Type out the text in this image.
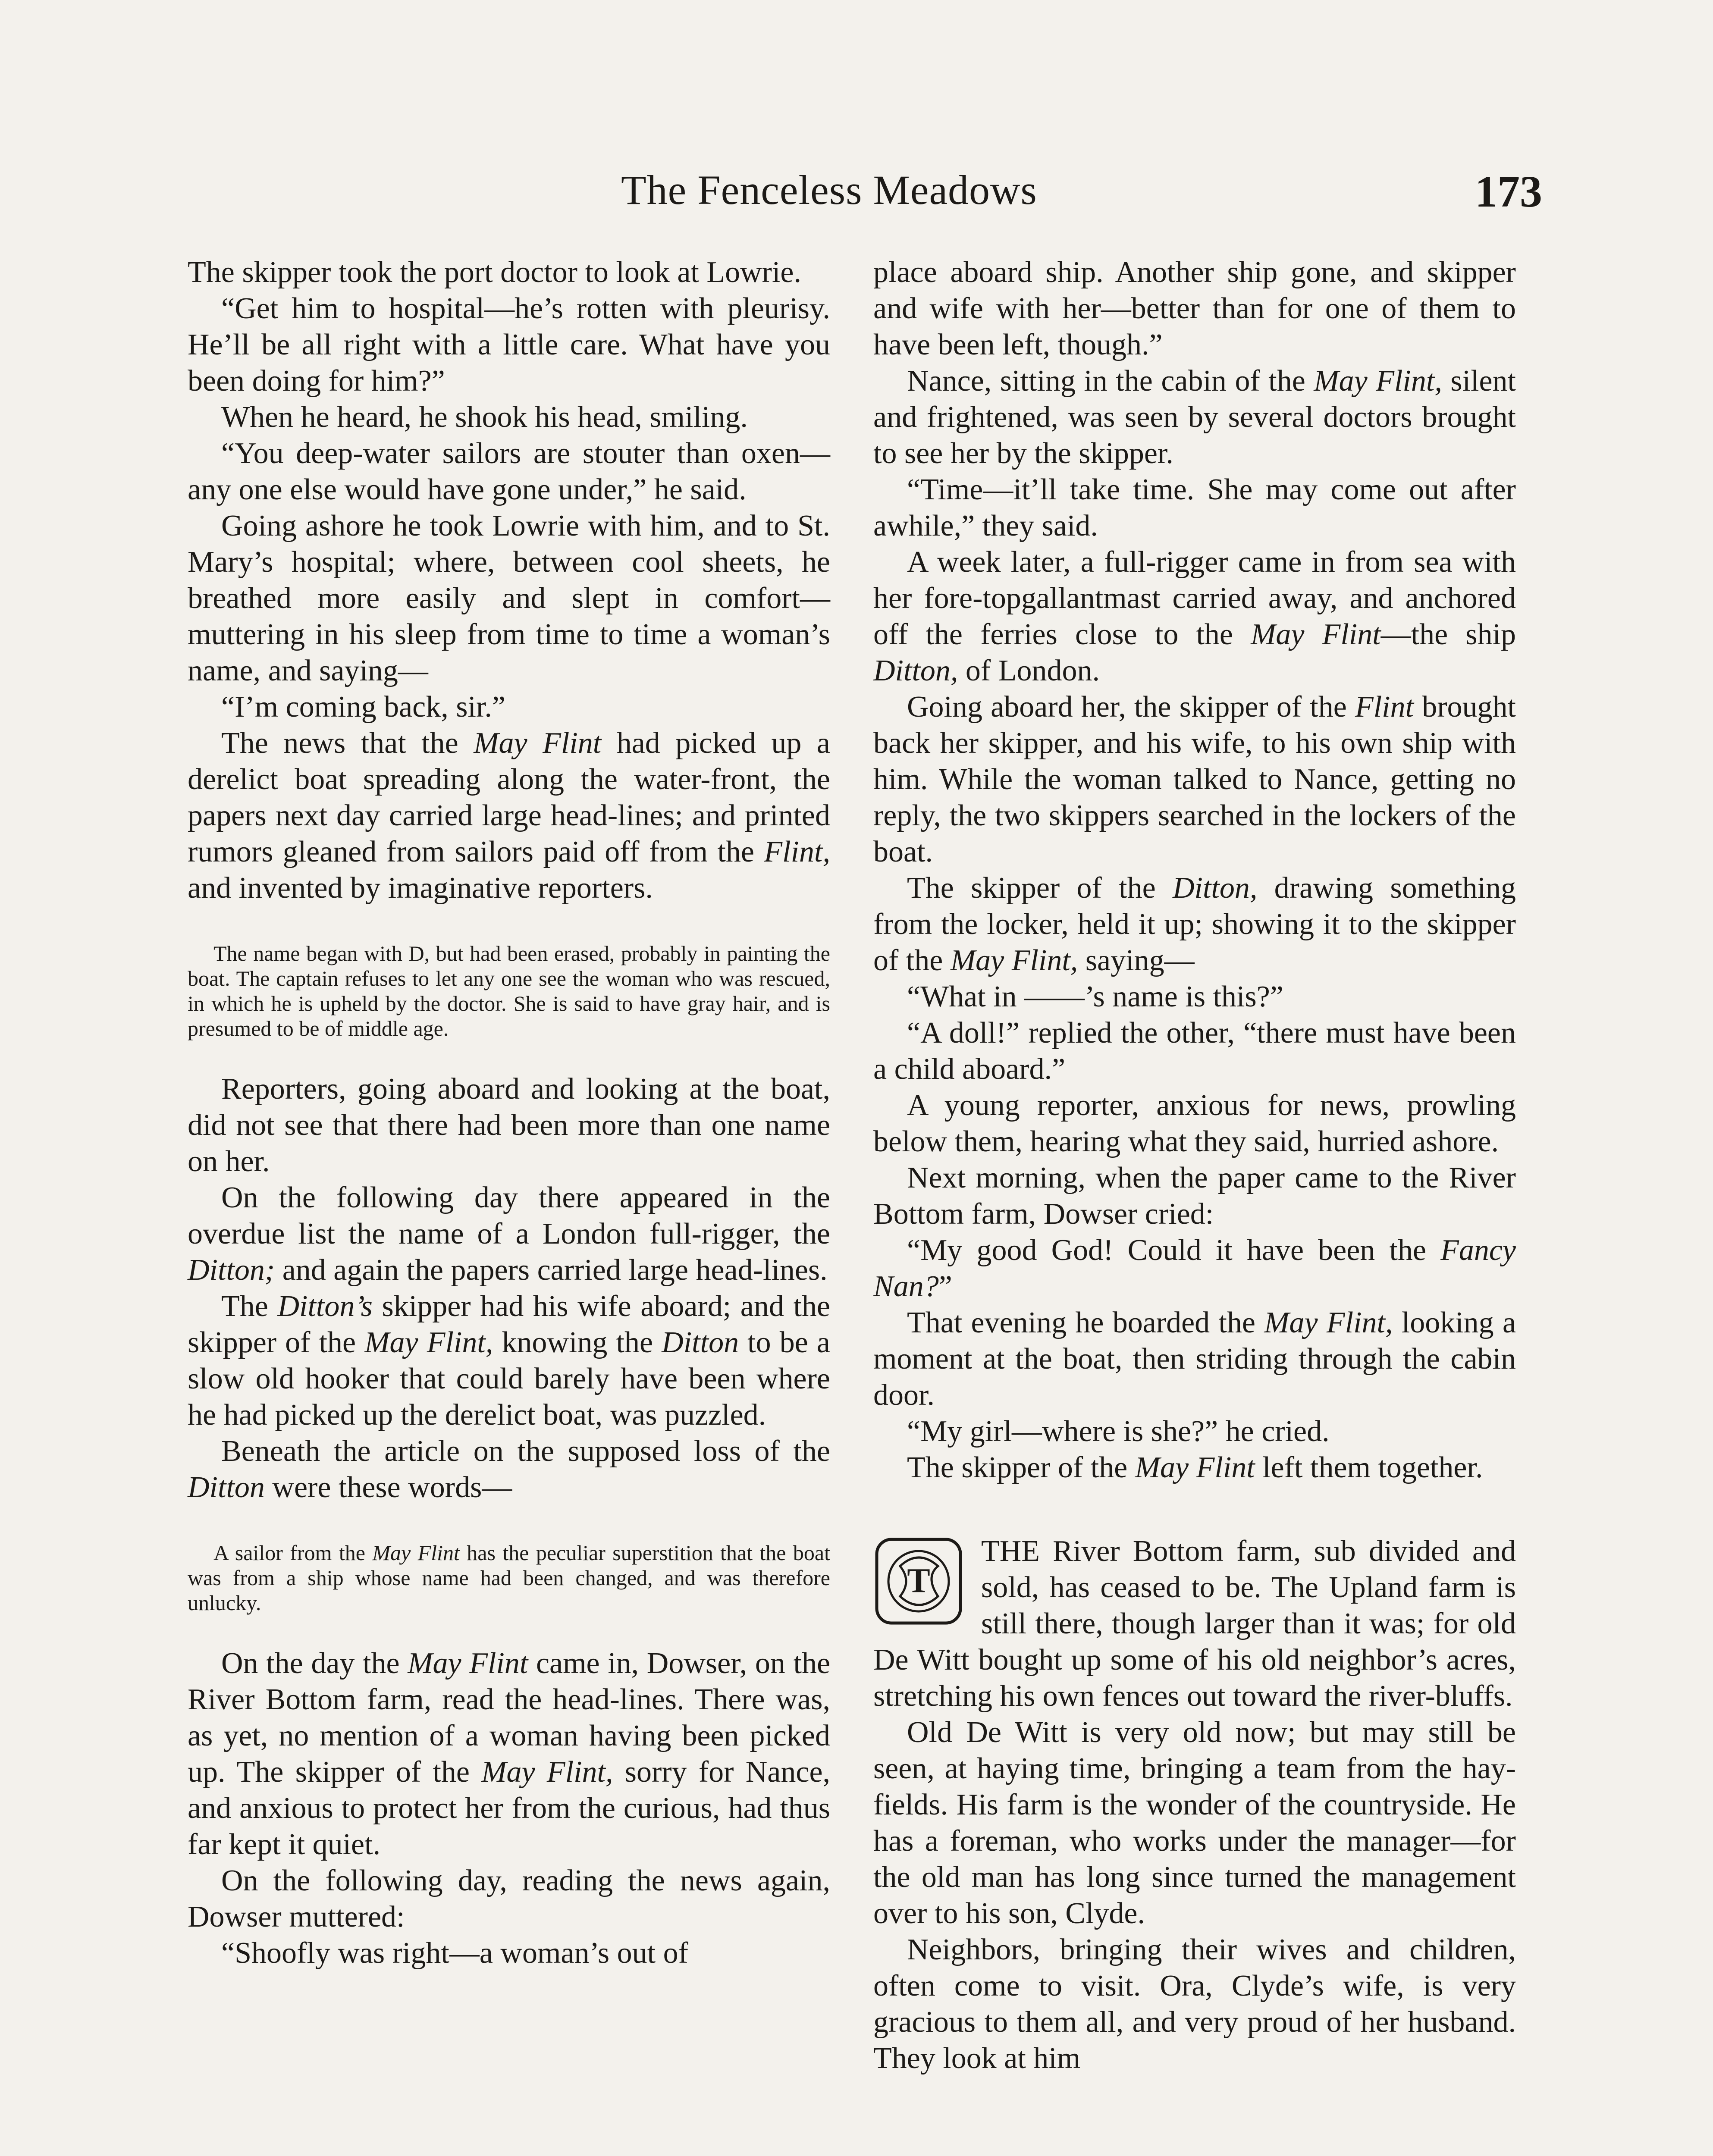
The Fenceless Meadows	173

The skipper took the port doctor to look at Lowrie.

“Get him to hospital—he’s rotten with pleurisy. He’ll be all right with a little care. What have you been doing for him?”

When he heard, he shook his head, smiling.

“You deep-water sailors are stouter than oxen—any one else would have gone under,” he said.

Going ashore he took Lowrie with him, and to St. Mary’s hospital; where, between cool sheets, he breathed more easily and slept in comfort—muttering in his sleep from time to time a woman’s name, and saying—

“I’m coming back, sir.”

The news that the May Flint had picked up a derelict boat spreading along the water-front, the papers next day carried large head-lines; and printed rumors gleaned from sailors paid off from the Flint, and invented by imaginative reporters.

The name began with D, but had been erased, probably in painting the boat. The captain refuses to let any one see the woman who was rescued, in which he is upheld by the doctor. She is said to have gray hair, and is presumed to be of middle age.

Reporters, going aboard and looking at the boat, did not see that there had been more than one name on her.

On the following day there appeared in the overdue list the name of a London full-rigger, the Ditton; and again the papers carried large head-lines.

The Ditton’s skipper had his wife aboard; and the skipper of the May Flint, knowing the Ditton to be a slow old hooker that could barely have been where he had picked up the derelict boat, was puzzled.

Beneath the article on the supposed loss of the Ditton were these words—

A sailor from the May Flint has the peculiar superstition that the boat was from a ship whose name had been changed, and was therefore unlucky.

On the day the May Flint came in, Dowser, on the River Bottom farm, read the head-lines. There was, as yet, no mention of a woman having been picked up. The skipper of the May Flint, sorry for Nance, and anxious to protect her from the curious, had thus far kept it quiet.

On the following day, reading the news again, Dowser muttered:

“Shoofly was right—a woman’s out of

place aboard ship. Another ship gone, and skipper and wife with her—better than for one of them to have been left, though.”

Nance, sitting in the cabin of the May Flint, silent and frightened, was seen by several doctors brought to see her by the skipper.

“Time—it’ll take time. She may come out after awhile,” they said.

A week later, a full-rigger came in from sea with her fore-topgallantmast carried away, and anchored off the ferries close to the May Flint—the ship Ditton, of London.

Going aboard her, the skipper of the Flint brought back her skipper, and his wife, to his own ship with him. While the woman talked to Nance, getting no reply, the two skippers searched in the lockers of the boat.

The skipper of the Ditton, drawing something from the locker, held it up; showing it to the skipper of the May Flint, saying—

“What in ——’s name is this?”

“A doll!” replied the other, “there must have been a child aboard.”

A young reporter, anxious for news, prowling below them, hearing what they said, hurried ashore.

Next morning, when the paper came to the River Bottom farm, Dowser cried:

“My good God! Could it have been the Fancy Nan?”

That evening he boarded the May Flint, looking a moment at the boat, then striding through the cabin door.

“My girl—where is she?” he cried.

The skipper of the May Flint left them together.

T

THE River Bottom farm, sub divided and sold, has ceased to be. The Upland farm is still there, though larger than it was; for old De Witt bought up some of his old neighbor’s acres, stretching his own fences out toward the river-bluffs.

Old De Witt is very old now; but may still be seen, at haying time, bringing a team from the hay-fields. His farm is the wonder of the countryside. He has a foreman, who works under the manager—for the old man has long since turned the management over to his son, Clyde.

Neighbors, bringing their wives and children, often come to visit. Ora, Clyde’s wife, is very gracious to them all, and very proud of her husband. They look at him
